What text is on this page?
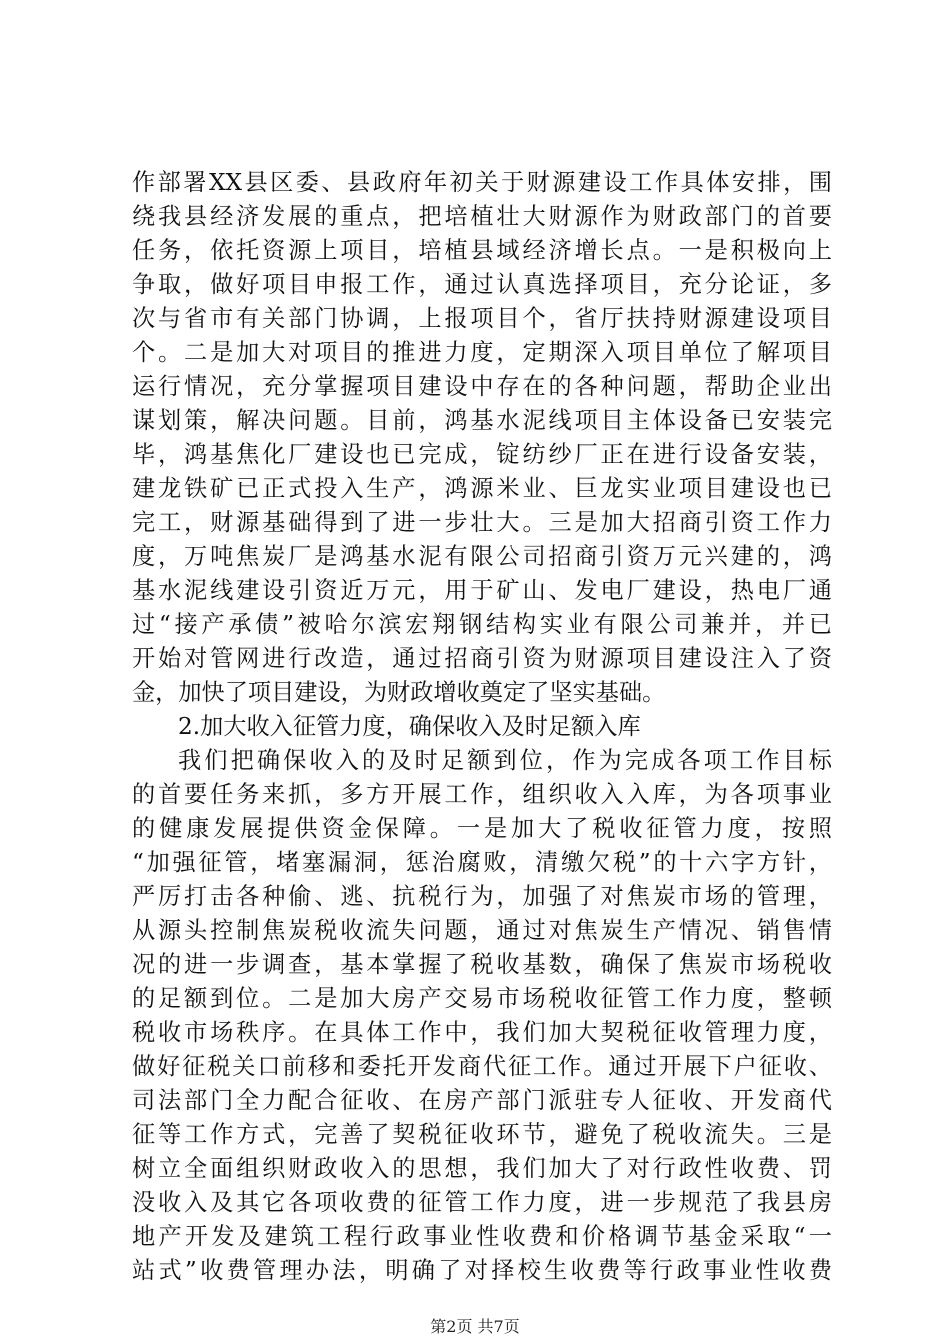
作部署XX县区委、县政府年初关于财源建设工作具体安排，围
绕我县经济发展的重点，把培植壮大财源作为财政部门的首要
任务，依托资源上项目，培植县域经济增长点。一是积极向上
争取，做好项目申报工作，通过认真选择项目，充分论证，多
次与省市有关部门协调，上报项目个，省厅扶持财源建设项目
个。二是加大对项目的推进力度，定期深入项目单位了解项目
运行情况，充分掌握项目建设中存在的各种问题，帮助企业出
谋划策，解决问题。目前，鸿基水泥线项目主体设备已安装完
毕，鸿基焦化厂建设也已完成，锭纺纱厂正在进行设备安装，
建龙铁矿已正式投入生产，鸿源米业、巨龙实业项目建设也已
完工，财源基础得到了进一步壮大。三是加大招商引资工作力
度，万吨焦炭厂是鸿基水泥有限公司招商引资万元兴建的，鸿
基水泥线建设引资近万元，用于矿山、发电厂建设，热电厂通
过“接产承债”被哈尔滨宏翔钢结构实业有限公司兼并，并已
开始对管网进行改造，通过招商引资为财源项目建设注入了资
金，加快了项目建设，为财政增收奠定了坚实基础。
2.加大收入征管力度，确保收入及时足额入库
我们把确保收入的及时足额到位，作为完成各项工作目标
的首要任务来抓，多方开展工作，组织收入入库，为各项事业
的健康发展提供资金保障。一是加大了税收征管力度，按照
“加强征管，堵塞漏洞，惩治腐败，清缴欠税”的十六字方针，
严厉打击各种偷、逃、抗税行为，加强了对焦炭市场的管理，
从源头控制焦炭税收流失问题，通过对焦炭生产情况、销售情
况的进一步调查，基本掌握了税收基数，确保了焦炭市场税收
的足额到位。二是加大房产交易市场税收征管工作力度，整顿
税收市场秩序。在具体工作中，我们加大契税征收管理力度，
做好征税关口前移和委托开发商代征工作。通过开展下户征收、
司法部门全力配合征收、在房产部门派驻专人征收、开发商代
征等工作方式，完善了契税征收环节，避免了税收流失。三是
树立全面组织财政收入的思想，我们加大了对行政性收费、罚
没收入及其它各项收费的征管工作力度，进一步规范了我县房
地产开发及建筑工程行政事业性收费和价格调节基金采取“一
站式”收费管理办法，明确了对择校生收费等行政事业性收费
第2页 共7页
